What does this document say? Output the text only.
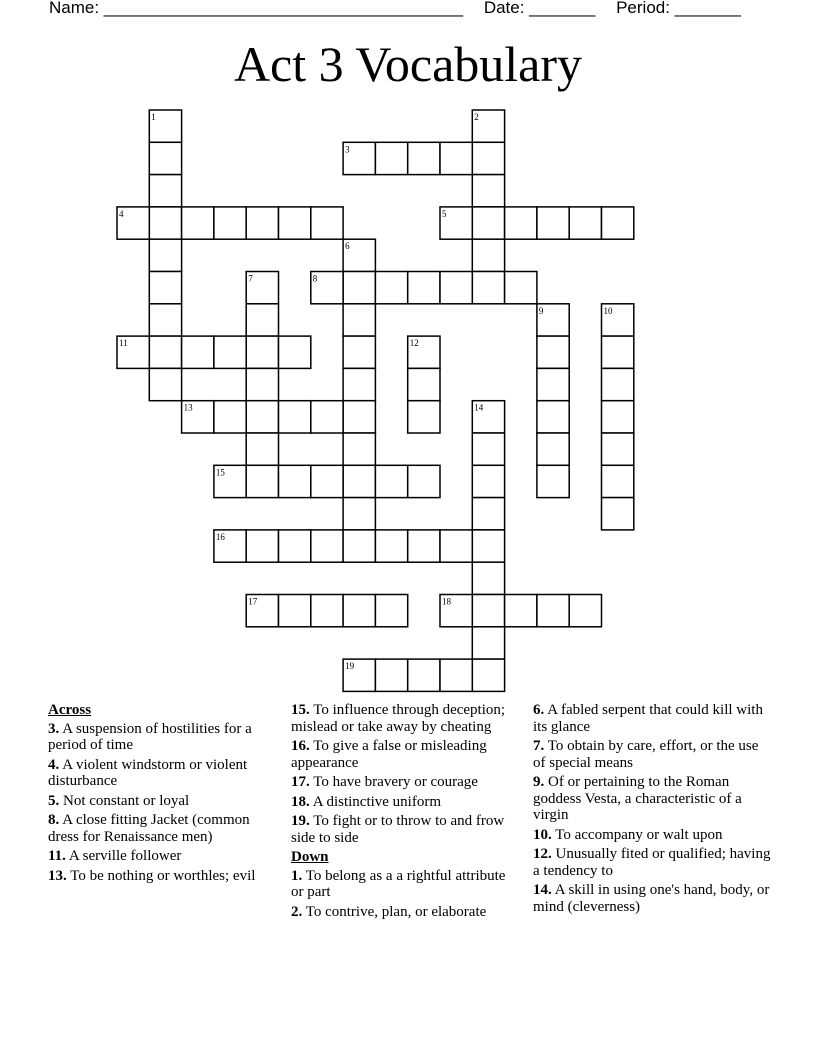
Name: ______________________________________ Date: _______ Period: _______
Act 3 Vocabulary
1	2
3
4	5
6
7	8
9	10
11	12
13	14
15
16
17	18
19
Across
3. A suspension of hostilities for a period of time
4. A violent windstorm or violent disturbance
5. Not constant or loyal
8. A close fitting Jacket (common dress for Renaissance men)
11. A serville follower
13. To be nothing or worthles; evil
15. To influence through deception; mislead or take away by cheating
16. To give a false or misleading appearance
17. To have bravery or courage
18. A distinctive uniform
19. To fight or to throw to and frow side to side
Down
1. To belong as a a rightful attribute or part
2. To contrive, plan, or elaborate
6. A fabled serpent that could kill with its glance
7. To obtain by care, effort, or the use of special means
9. Of or pertaining to the Roman goddess Vesta, a characteristic of a virgin
10. To accompany or walt upon
12. Unusually fited or qualified; having a tendency to
14. A skill in using one's hand, body, or mind (cleverness)
